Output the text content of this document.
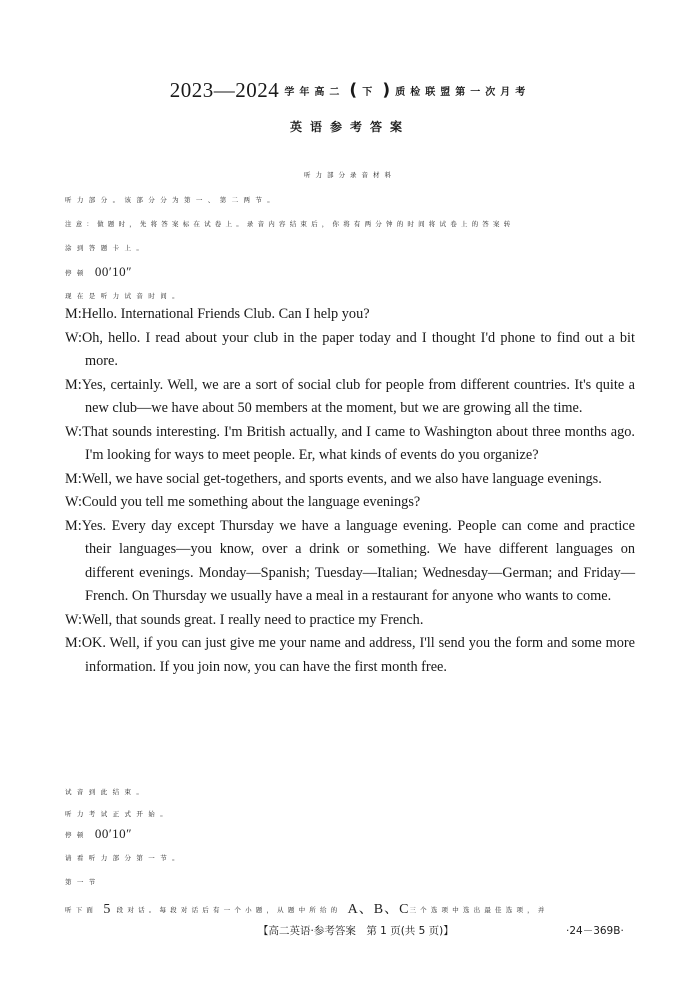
2023—2024 学年高二 ( 下 ) 质检联盟第一次月考
英语参考答案
听力部分录音材料
听力部分。该部分分为第一、第二两节。
注意：做题时，先将答案标在试卷上。录音内容结束后，你将有两分钟的时间将试卷上的答案转
涂到答题卡上。
停顿 00′10″
现在是听力试音时间。
M:Hello. International Friends Club. Can I help you?
W:Oh, hello. I read about your club in the paper today and I thought I'd phone to find out a bit more.
M:Yes, certainly. Well, we are a sort of social club for people from different countries. It's quite a new club—we have about 50 members at the moment, but we are growing all the time.
W:That sounds interesting. I'm British actually, and I came to Washington about three months ago. I'm looking for ways to meet people. Er, what kinds of events do you organize?
M:Well, we have social get-togethers, and sports events, and we also have language evenings.
W:Could you tell me something about the language evenings?
M:Yes. Every day except Thursday we have a language evening. People can come and practice their languages—you know, over a drink or something. We have different languages on different evenings. Monday—Spanish; Tuesday—Italian; Wednesday—German; and Friday—French. On Thursday we usually have a meal in a restaurant for anyone who wants to come.
W:Well, that sounds great. I really need to practice my French.
M:OK. Well, if you can just give me your name and address, I'll send you the form and some more information. If you join now, you can have the first month free.
试音到此结束。
听力考试正式开始。
停顿 00′10″
请看听力部分第一节。
第一节
听下面 5 段对话。每段对话后有一个小题，从题中所给的 A、B、C三个选项中选出最佳选项，并
【高二英语·参考答案　第 1 页(共 5 页)】	·24－369B·
